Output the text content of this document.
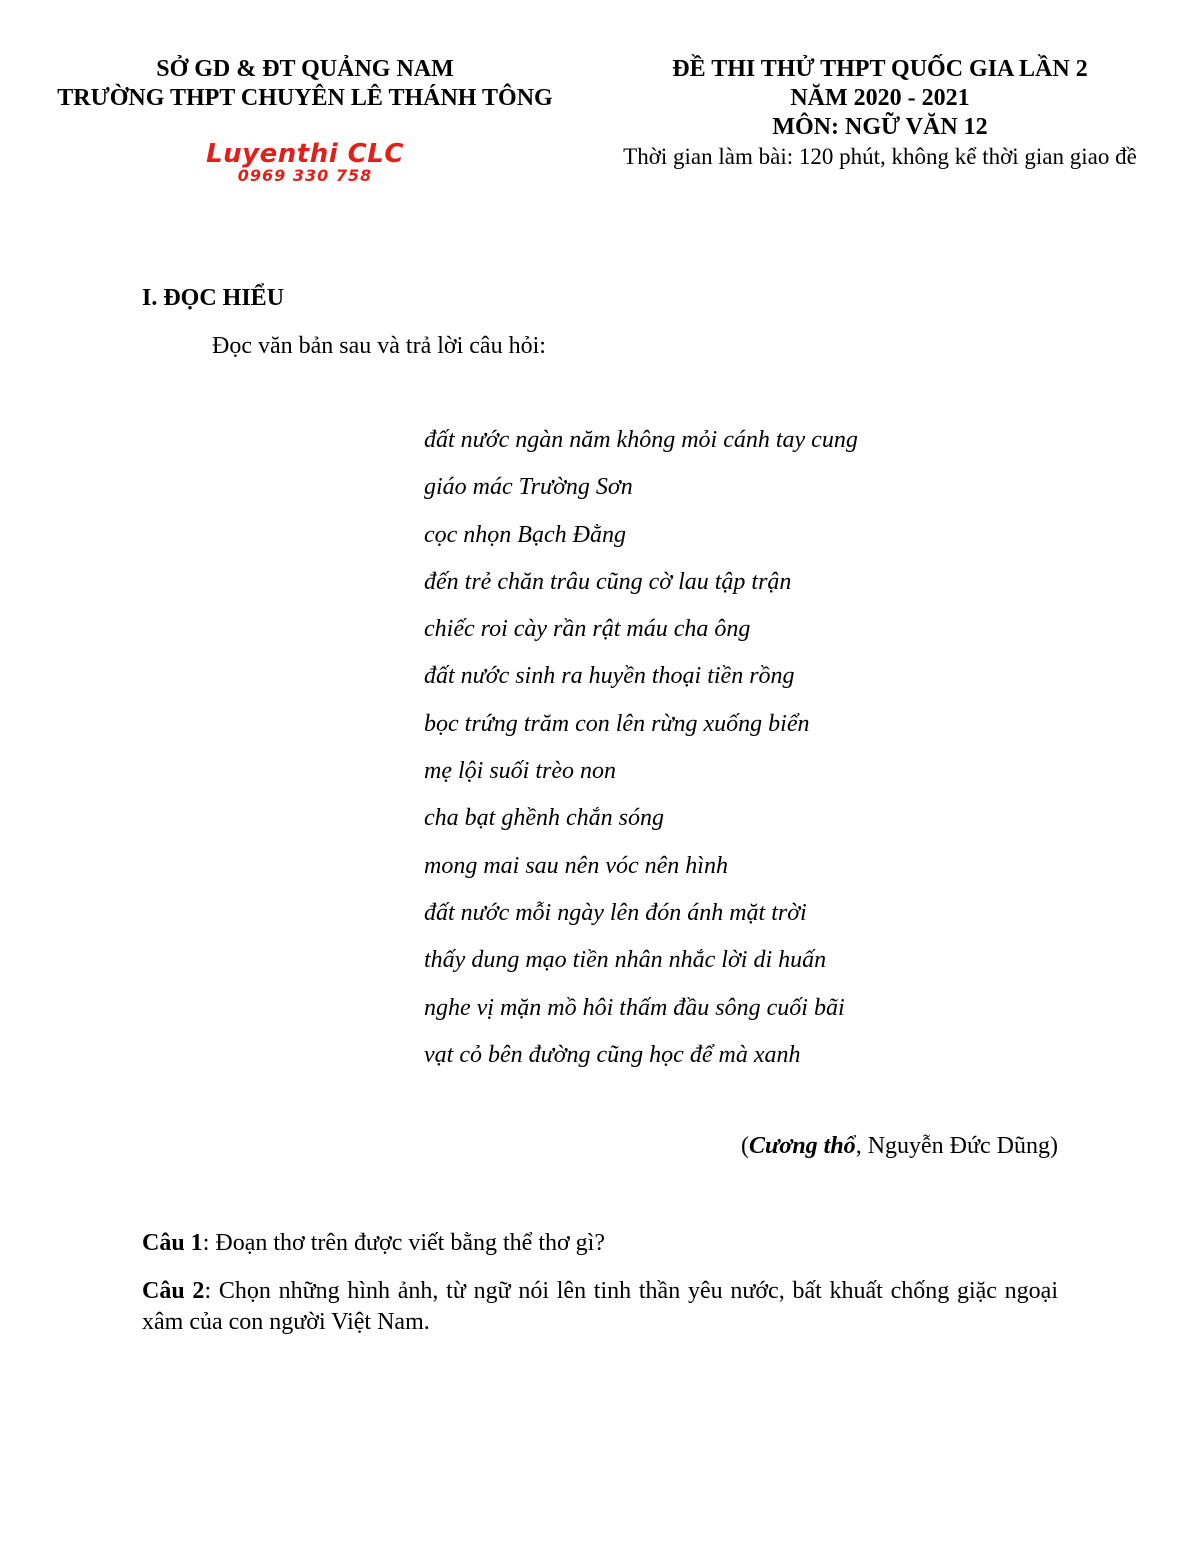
SỞ GD & ĐT QUẢNG NAM
TRƯỜNG THPT CHUYÊN LÊ THÁNH TÔNG
ĐỀ THI THỬ THPT QUỐC GIA LẦN 2
NĂM 2020 - 2021
MÔN: NGỮ VĂN 12
Thời gian làm bài: 120 phút, không kể thời gian giao đề
Luyenthi CLC
0969 330 758
I. ĐỌC HIỂU
Đọc văn bản sau và trả lời câu hỏi:
đất nước ngàn năm không mỏi cánh tay cung
giáo mác Trường Sơn
cọc nhọn Bạch Đằng
đến trẻ chăn trâu cũng cờ lau tập trận
chiếc roi cày rần rật máu cha ông
đất nước sinh ra huyền thoại tiền rồng
bọc trứng trăm con lên rừng xuống biển
mẹ lội suối trèo non
cha bạt ghềnh chắn sóng
mong mai sau nên vóc nên hình
đất nước mỗi ngày lên đón ánh mặt trời
thấy dung mạo tiền nhân nhắc lời di huấn
nghe vị mặn mồ hôi thấm đầu sông cuối bãi
vạt cỏ bên đường cũng học để mà xanh
(Cương thổ, Nguyễn Đức Dũng)
Câu 1: Đoạn thơ trên được viết bằng thể thơ gì?
Câu 2: Chọn những hình ảnh, từ ngữ nói lên tinh thần yêu nước, bất khuất chống giặc ngoại xâm của con người Việt Nam.
